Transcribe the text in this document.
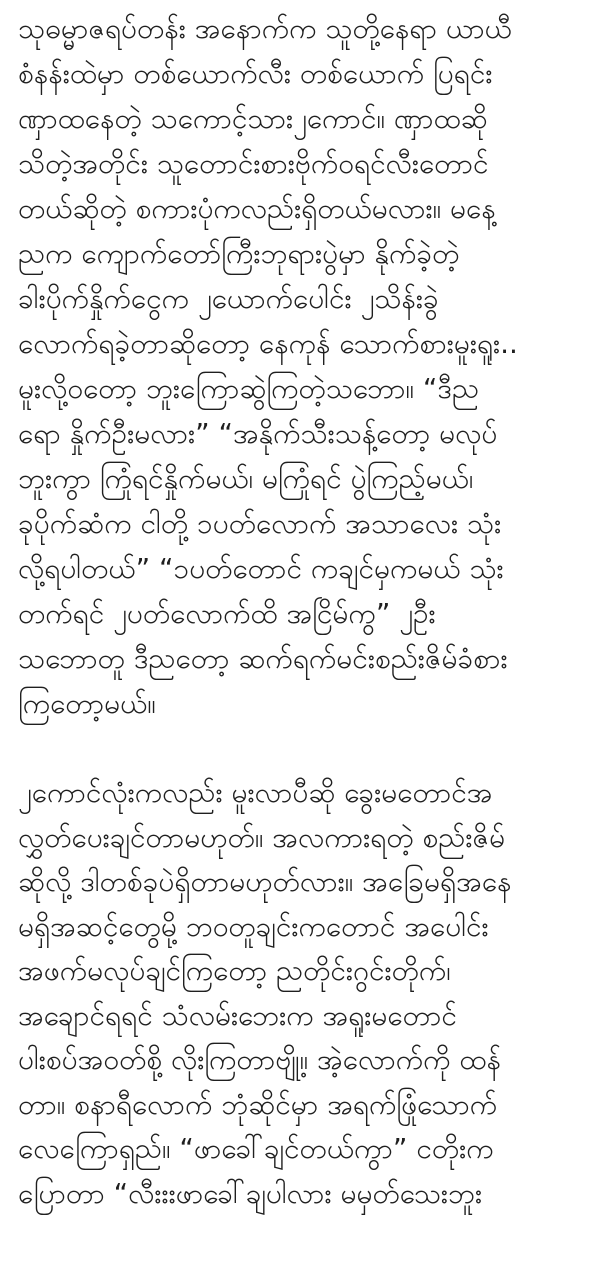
သုဓမ္မာဇရပ်တန်း အနောက်က သူတို့နေရာ ယာယီ
စံနန်းထဲမှာ တစ်ယောက်လီး တစ်ယောက် ပြရင်း
ဏှာထနေတဲ့ သကောင့်သား၂ကောင်။ ဏှာထဆို
သိတဲ့အတိုင်း သူတောင်းစားဗိုက်ဝရင်လီးတောင်
တယ်ဆိုတဲ့ စကားပုံကလည်းရှိတယ်မလား။ မနေ့
ညက ကျောက်တော်ကြီးဘုရားပွဲမှာ နိုက်ခဲ့တဲ့
ခါးပိုက်နှိုက်ငွေက ၂ယောက်ပေါင်း ၂သိန်းခွဲ
လောက်ရခဲ့တာဆိုတော့ နေကုန် သောက်စားမူးရူး..
မူးလို့ဝတော့ ဘူးကြောဆွဲကြတဲ့သဘော။ “ဒီည
ရော နှိုက်ဦးမလား” “အနိုက်သီးသန့်တော့ မလုပ်
ဘူးကွာ ကြုံရင်နှိုက်မယ်၊ မကြုံရင် ပွဲကြည့်မယ်၊
ခုပိုက်ဆံက ငါတို့ ၁ပတ်လောက် အသာလေး သုံး
လို့ရပါတယ်” “၁ပတ်တောင် ကချင်မှကမယ် သုံး
တက်ရင် ၂ပတ်လောက်ထိ အငြိမ်ကွ” ၂ဦး
သဘောတူ ဒီညတော့ ဆက်ရက်မင်းစည်းဇိမ်ခံစား
ကြတော့မယ်။

၂ကောင်လုံးကလည်း မူးလာပီဆို ခွေးမတောင်အ
လွှတ်ပေးချင်တာမဟုတ်။ အလကားရတဲ့ စည်းဇိမ်
ဆိုလို့ ဒါတစ်ခုပဲရှိတာမဟုတ်လား။ အခြေမရှိအနေ
မရှိအဆင့်တွေမို့ ဘဝတူချင်းကတောင် အပေါင်း
အဖက်မလုပ်ချင်ကြတော့ ညတိုင်းဂွင်းတိုက်၊
အချောင်ရရင် သံလမ်းဘေးက အရူးမတောင်
ပါးစပ်အဝတ်စို့ လိုးကြတာဗျို့။ အဲ့လောက်ကို ထန်
တာ။ စနာရီလောက် ဘုံဆိုင်မှာ အရက်ဖြုံသောက်
လေကြောရှည်။ “ဖာခေါ်ချင်တယ်ကွာ” ငတိုးက
ပြောတာ “လီးးးဖာခေါ်ချပါလား မမှတ်သေးဘူး
